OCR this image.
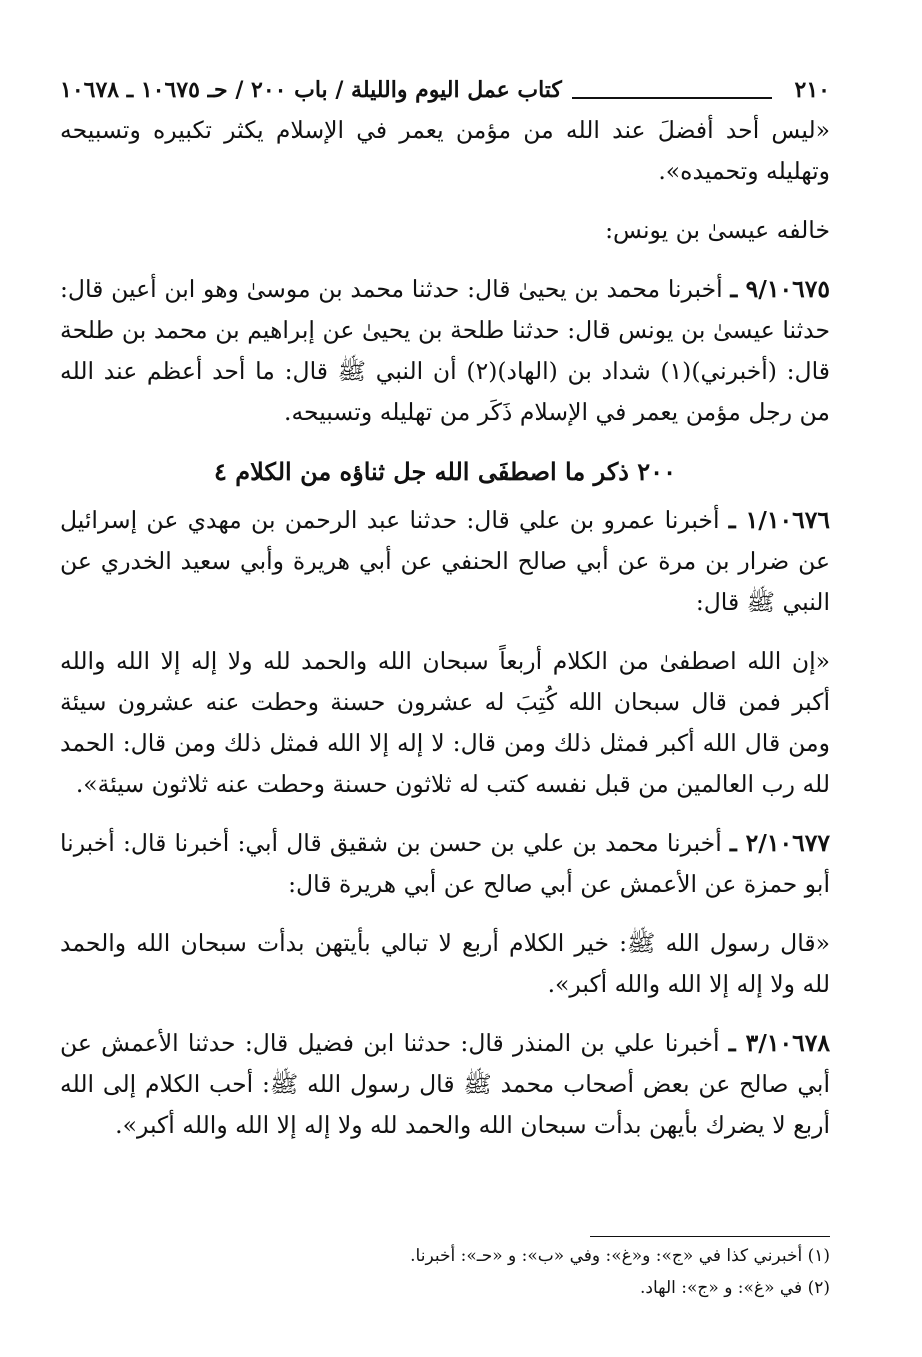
٢١٠
كتاب عمل اليوم والليلة / باب ٢٠٠ / حـ ١٠٦٧٥ ـ ١٠٦٧٨

«ليس أحد أفضلَ عند الله من مؤمن يعمر في الإسلام يكثر تكبيره وتسبيحه وتهليله وتحميده».

خالفه عيسىٰ بن يونس:

٩/١٠٦٧٥ ـ أخبرنا محمد بن يحيىٰ قال: حدثنا محمد بن موسىٰ وهو ابن أعين قال: حدثنا عيسىٰ بن يونس قال: حدثنا طلحة بن يحيىٰ عن إبراهيم بن محمد بن طلحة قال: (أخبرني)(١) شداد بن (الهاد)(٢) أن النبي ﷺ قال: ما أحد أعظم عند الله من رجل مؤمن يعمر في الإسلام ذَكَر من تهليله وتسبيحه.

٢٠٠ ذكر ما اصطفَى الله جل ثناؤه من الكلام ٤

١/١٠٦٧٦ ـ أخبرنا عمرو بن علي قال: حدثنا عبد الرحمن بن مهدي عن إسرائيل عن ضرار بن مرة عن أبي صالح الحنفي عن أبي هريرة وأبي سعيد الخدري عن النبي ﷺ قال:

«إن الله اصطفىٰ من الكلام أربعاً سبحان الله والحمد لله ولا إله إلا الله والله أكبر فمن قال سبحان الله كُتِبَ له عشرون حسنة وحطت عنه عشرون سيئة ومن قال الله أكبر فمثل ذلك ومن قال: لا إله إلا الله فمثل ذلك ومن قال: الحمد لله رب العالمين من قبل نفسه كتب له ثلاثون حسنة وحطت عنه ثلاثون سيئة».

٢/١٠٦٧٧ ـ أخبرنا محمد بن علي بن حسن بن شقيق قال أبي: أخبرنا قال: أخبرنا أبو حمزة عن الأعمش عن أبي صالح عن أبي هريرة قال:

«قال رسول الله ﷺ: خير الكلام أربع لا تبالي بأيتهن بدأت سبحان الله والحمد لله ولا إله إلا الله والله أكبر».

٣/١٠٦٧٨ ـ أخبرنا علي بن المنذر قال: حدثنا ابن فضيل قال: حدثنا الأعمش عن أبي صالح عن بعض أصحاب محمد ﷺ قال رسول الله ﷺ: أحب الكلام إلى الله أربع لا يضرك بأيهن بدأت سبحان الله والحمد لله ولا إله إلا الله والله أكبر».

(١) أخبرني كذا في «ج»: و«غ»: وفي «ب»: و «حـ»: أخبرنا.

(٢) في «غ»: و «ج»: الهاد.
